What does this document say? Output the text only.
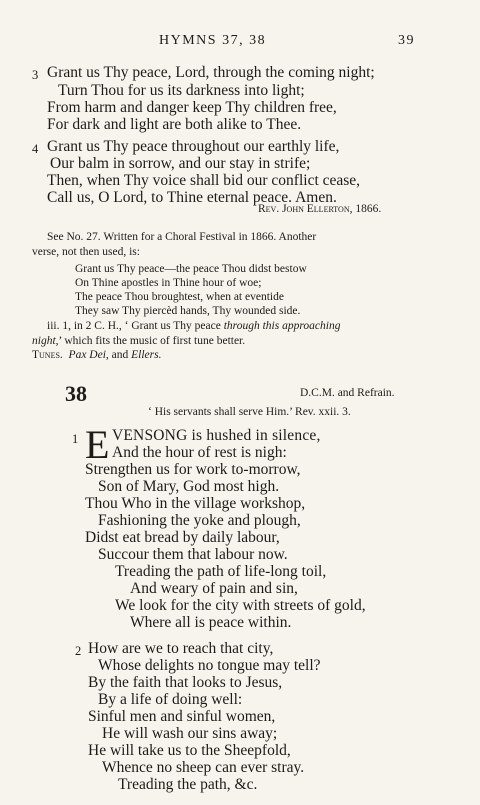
HYMNS 37, 38	39
3 Grant us Thy peace, Lord, through the coming night;
Turn Thou for us its darkness into light;
From harm and danger keep Thy children free,
For dark and light are both alike to Thee.
4 Grant us Thy peace throughout our earthly life,
Our balm in sorrow, and our stay in strife;
Then, when Thy voice shall bid our conflict cease,
Call us, O Lord, to Thine eternal peace. Amen.
Rev. John Ellerton, 1866.
See No. 27. Written for a Choral Festival in 1866. Another
verse, not then used, is:
Grant us Thy peace—the peace Thou didst bestow
On Thine apostles in Thine hour of woe;
The peace Thou broughtest, when at eventide
They saw Thy piercèd hands, Thy wounded side.
iii. 1, in 2 C. H., ‘ Grant us Thy peace through this approaching
night,’ which fits the music of first tune better.
Tunes. Pax Dei, and Ellers.
38	D.C.M. and Refrain.
‘ His servants shall serve Him.’ Rev. xxii. 3.
1 E VENSONG is hushed in silence,
And the hour of rest is nigh:
Strengthen us for work to-morrow,
Son of Mary, God most high.
Thou Who in the village workshop,
Fashioning the yoke and plough,
Didst eat bread by daily labour,
Succour them that labour now.
Treading the path of life-long toil,
And weary of pain and sin,
We look for the city with streets of gold,
Where all is peace within.
2 How are we to reach that city,
Whose delights no tongue may tell?
By the faith that looks to Jesus,
By a life of doing well:
Sinful men and sinful women,
He will wash our sins away;
He will take us to the Sheepfold,
Whence no sheep can ever stray.
Treading the path, &c.
